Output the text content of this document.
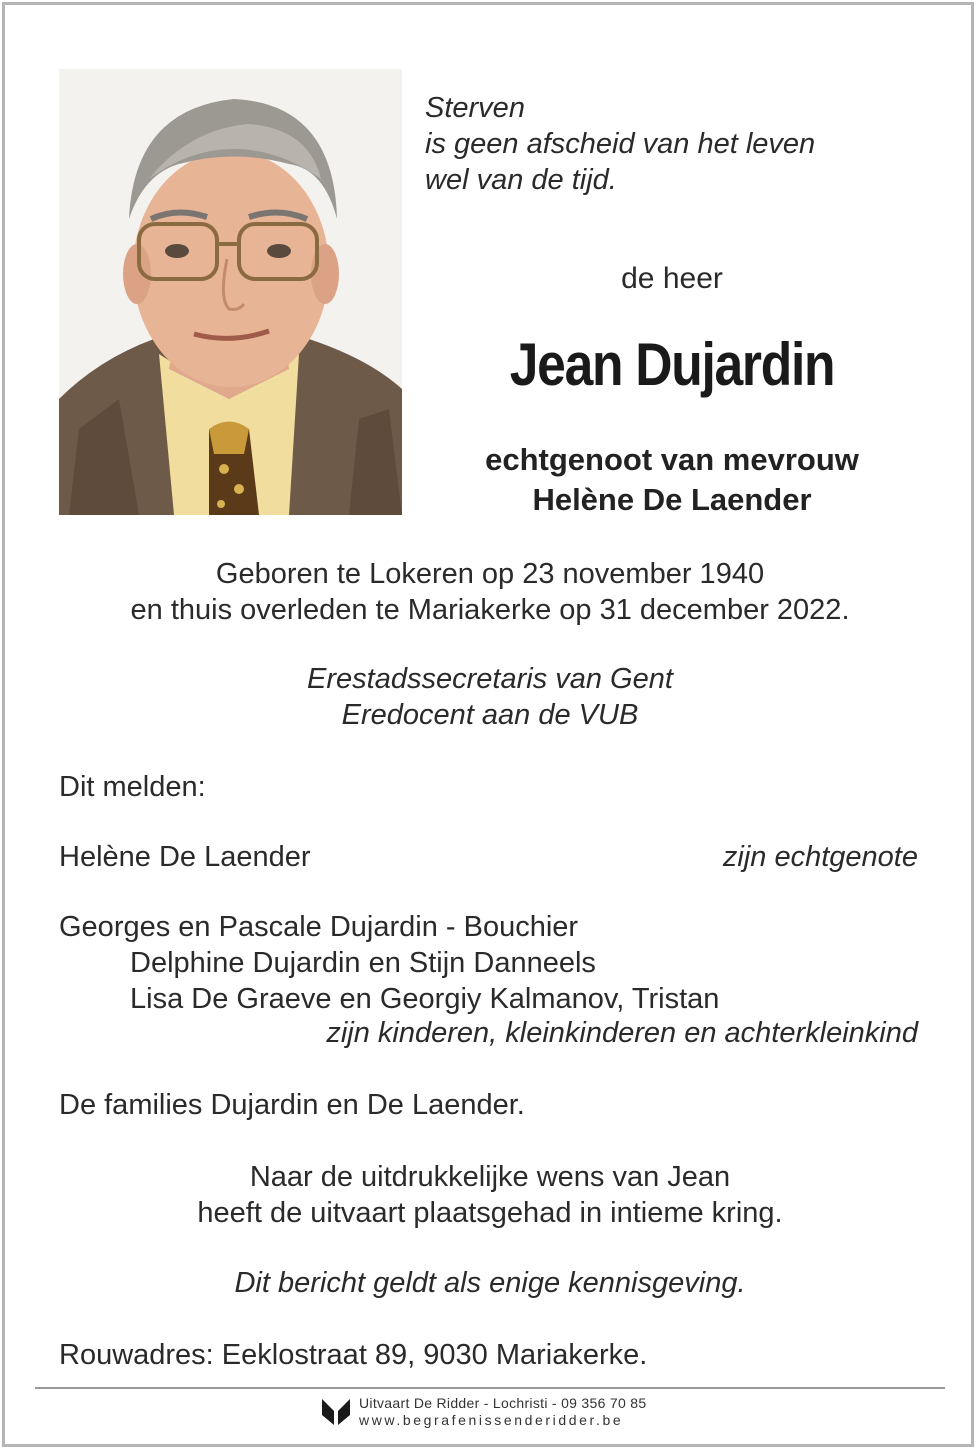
Sterven
is geen afscheid van het leven
wel van de tijd.
de heer
Jean Dujardin
echtgenoot van mevrouw
Helène De Laender
Geboren te Lokeren op 23 november 1940
en thuis overleden te Mariakerke op 31 december 2022.
Erestadssecretaris van Gent
Eredocent aan de VUB
Dit melden:
Helène De Laender	zijn echtgenote
Georges en Pascale Dujardin - Bouchier
Delphine Dujardin en Stijn Danneels
Lisa De Graeve en Georgiy Kalmanov, Tristan
zijn kinderen, kleinkinderen en achterkleinkind
De families Dujardin en De Laender.
Naar de uitdrukkelijke wens van Jean
heeft de uitvaart plaatsgehad in intieme kring.
Dit bericht geldt als enige kennisgeving.
Rouwadres: Eeklostraat 89, 9030 Mariakerke.
Uitvaart De Ridder - Lochristi - 09 356 70 85
www.begrafenissenderidder.be
